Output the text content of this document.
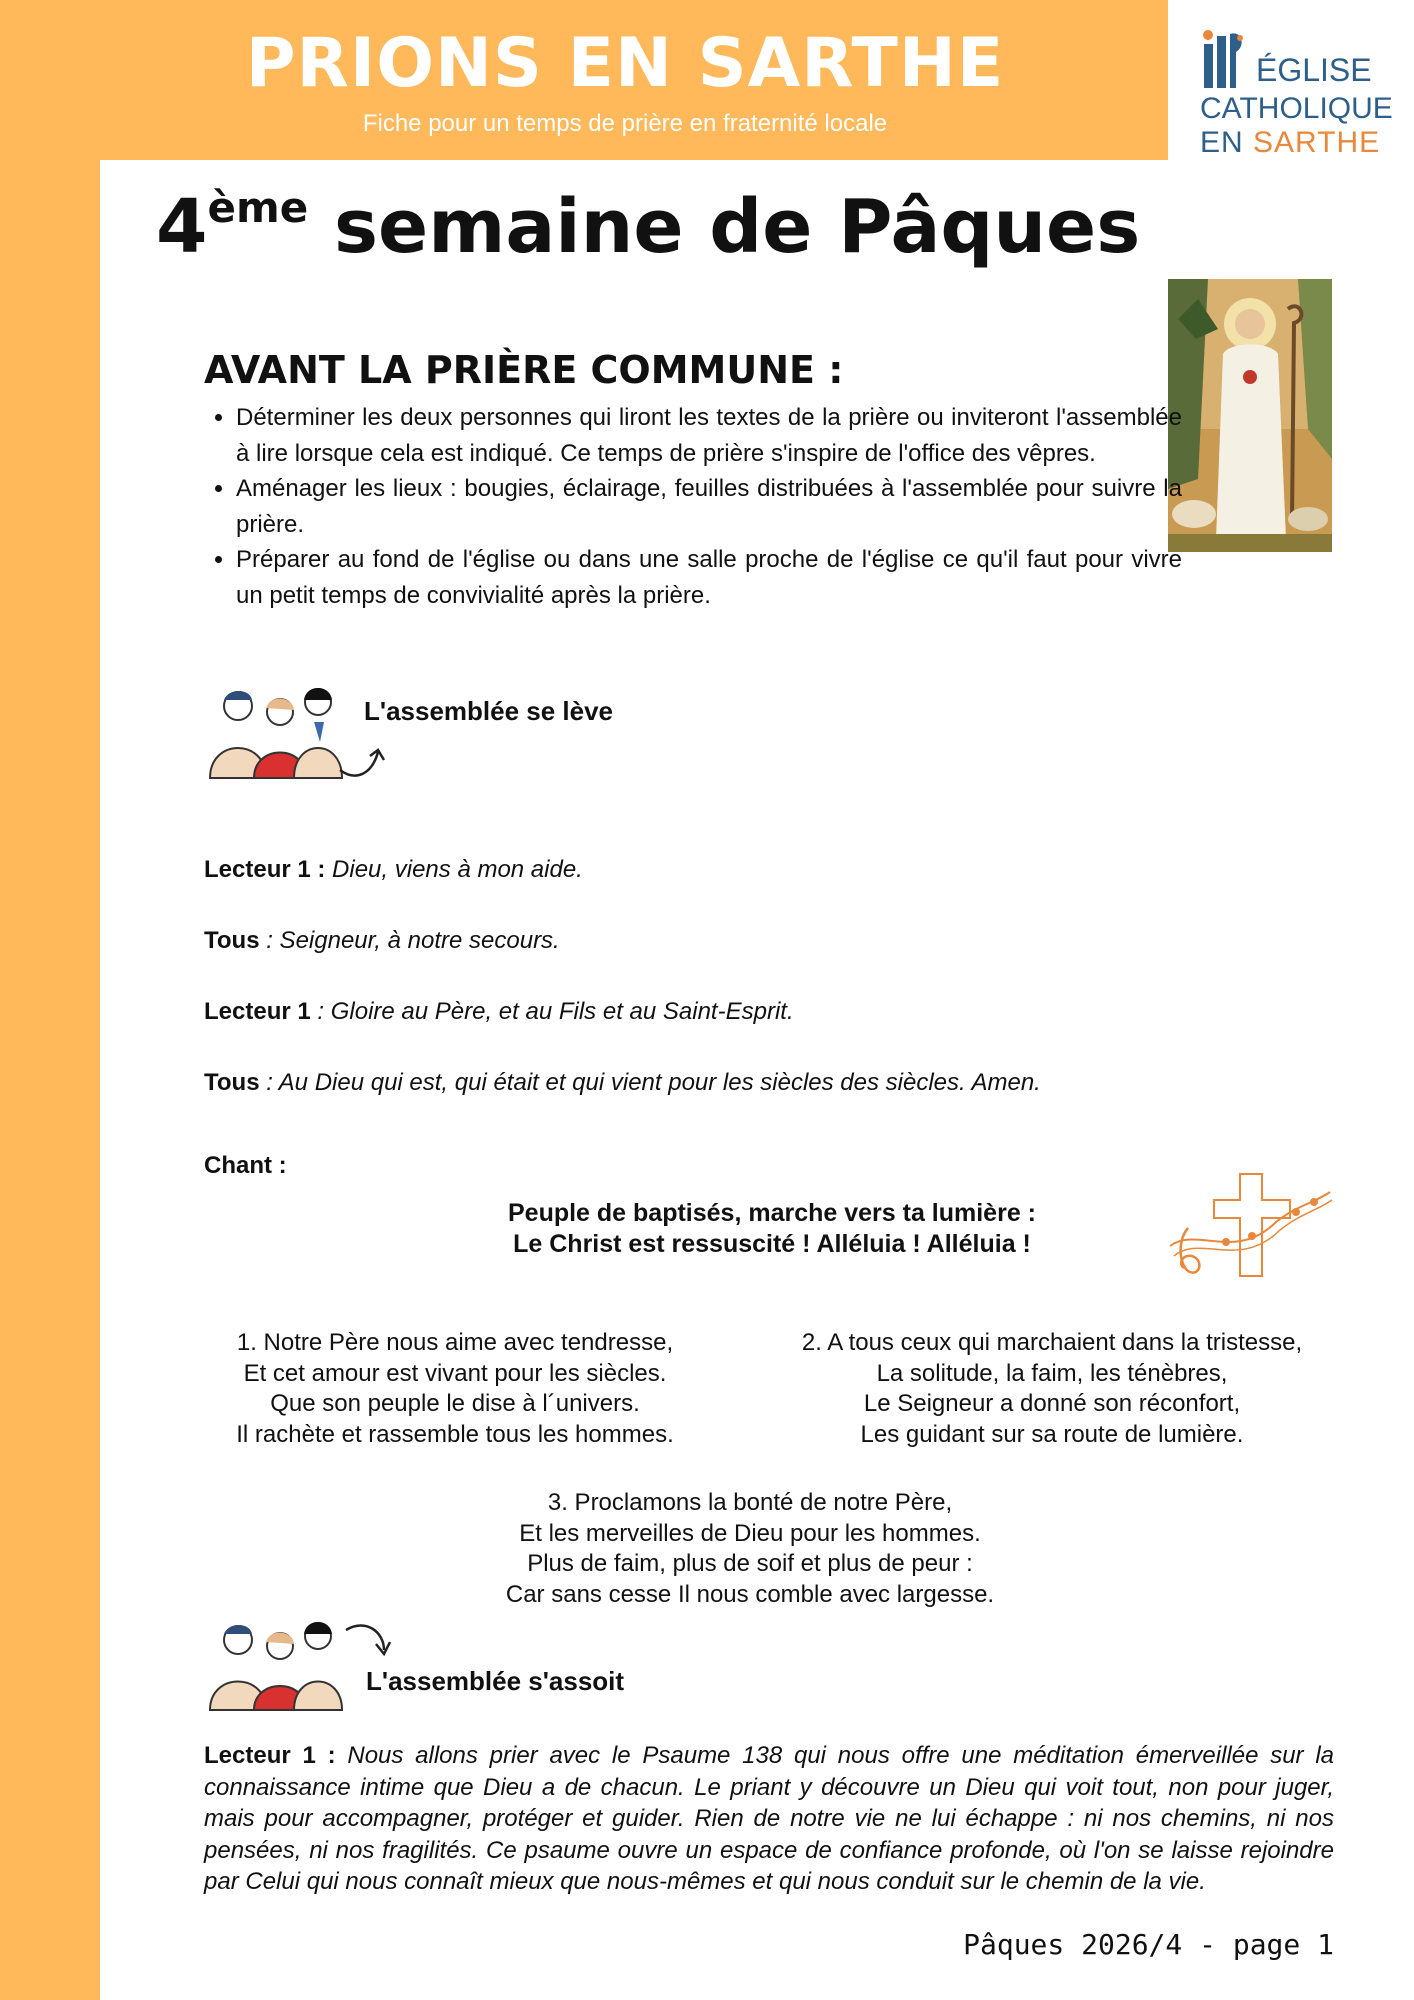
PRIONS EN SARTHE
Fiche pour un temps de prière en fraternité locale
ÉGLISE
CATHOLIQUE
EN SARTHE
4ème semaine de Pâques
AVANT LA PRIÈRE COMMUNE :
• Déterminer les deux personnes qui liront les textes de la prière ou inviteront l'assemblée à lire lorsque cela est indiqué. Ce temps de prière s'inspire de l'office des vêpres.
• Aménager les lieux : bougies, éclairage, feuilles distribuées à l'assemblée pour suivre la prière.
• Préparer au fond de l'église ou dans une salle proche de l'église ce qu'il faut pour vivre un petit temps de convivialité après la prière.
L'assemblée se lève
Lecteur 1 : Dieu, viens à mon aide.
Tous : Seigneur, à notre secours.
Lecteur 1 : Gloire au Père, et au Fils et au Saint-Esprit.
Tous : Au Dieu qui est, qui était et qui vient pour les siècles des siècles. Amen.
Chant :
Peuple de baptisés, marche vers ta lumière :
Le Christ est ressuscité ! Alléluia ! Alléluia !
1. Notre Père nous aime avec tendresse,
Et cet amour est vivant pour les siècles.
Que son peuple le dise à l´univers.
Il rachète et rassemble tous les hommes.
2. A tous ceux qui marchaient dans la tristesse,
La solitude, la faim, les ténèbres,
Le Seigneur a donné son réconfort,
Les guidant sur sa route de lumière.
3. Proclamons la bonté de notre Père,
Et les merveilles de Dieu pour les hommes.
Plus de faim, plus de soif et plus de peur :
Car sans cesse Il nous comble avec largesse.
L'assemblée s'assoit
Lecteur 1 : Nous allons prier avec le Psaume 138 qui nous offre une méditation émerveillée sur la connaissance intime que Dieu a de chacun. Le priant y découvre un Dieu qui voit tout, non pour juger, mais pour accompagner, protéger et guider. Rien de notre vie ne lui échappe : ni nos chemins, ni nos pensées, ni nos fragilités. Ce psaume ouvre un espace de confiance profonde, où l'on se laisse rejoindre par Celui qui nous connaît mieux que nous-mêmes et qui nous conduit sur le chemin de la vie.
Pâques 2026/4 - page 1
